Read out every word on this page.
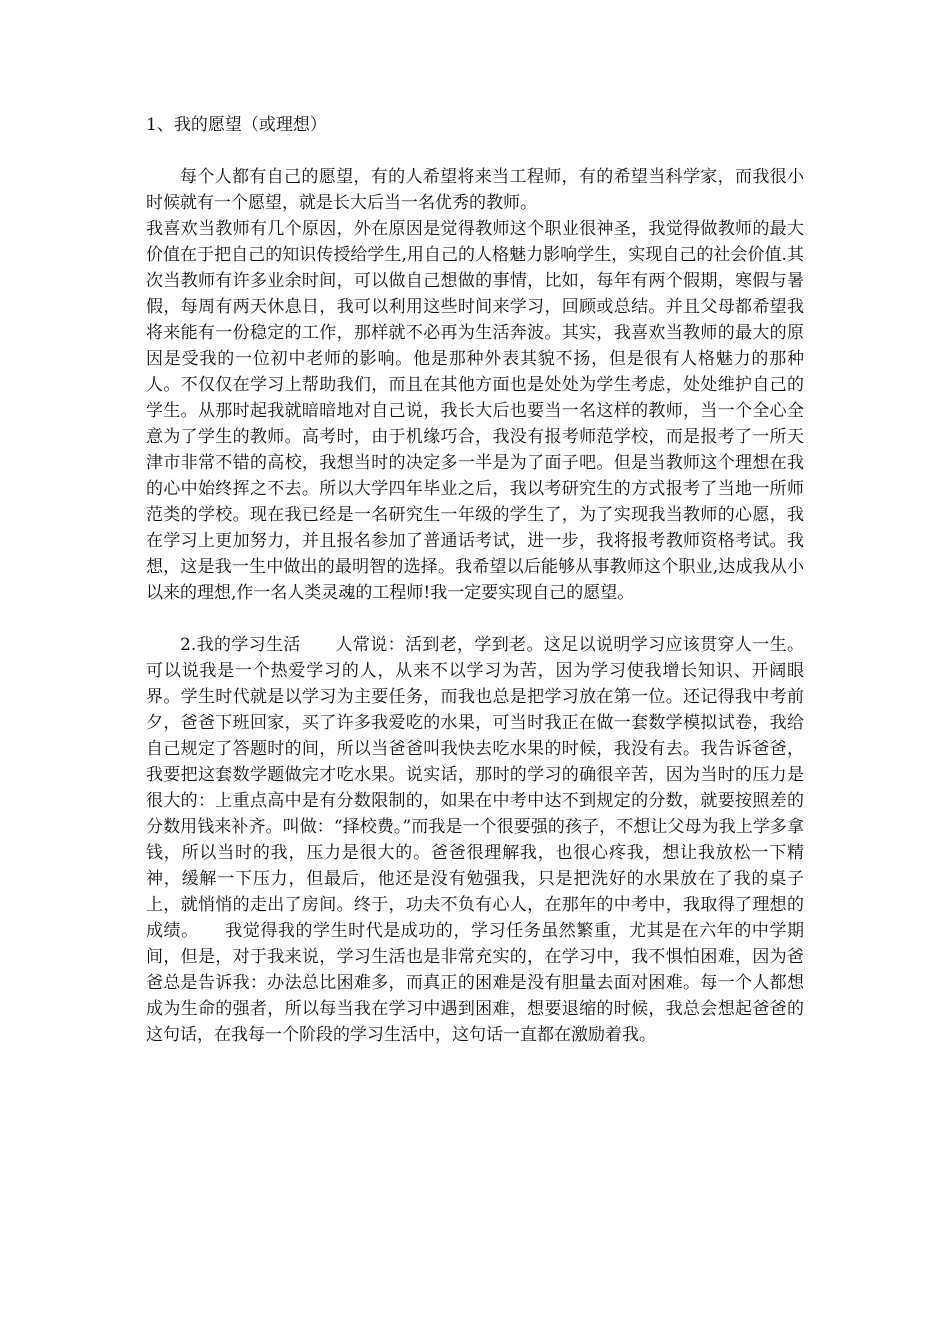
1、我的愿望（或理想）

每个人都有自己的愿望，有的人希望将来当工程师，有的希望当科学家，而我很小时候就有一个愿望，就是长大后当一名优秀的教师。

我喜欢当教师有几个原因，外在原因是觉得教师这个职业很神圣，我觉得做教师的最大价值在于把自己的知识传授给学生,用自己的人格魅力影响学生，实现自己的社会价值.其次当教师有许多业余时间，可以做自己想做的事情，比如，每年有两个假期，寒假与暑假，每周有两天休息日，我可以利用这些时间来学习，回顾或总结。并且父母都希望我将来能有一份稳定的工作，那样就不必再为生活奔波。其实，我喜欢当教师的最大的原因是受我的一位初中老师的影响。他是那种外表其貌不扬，但是很有人格魅力的那种人。不仅仅在学习上帮助我们，而且在其他方面也是处处为学生考虑，处处维护自己的学生。从那时起我就暗暗地对自己说，我长大后也要当一名这样的教师，当一个全心全意为了学生的教师。高考时，由于机缘巧合，我没有报考师范学校，而是报考了一所天津市非常不错的高校，我想当时的决定多一半是为了面子吧。但是当教师这个理想在我的心中始终挥之不去。所以大学四年毕业之后，我以考研究生的方式报考了当地一所师范类的学校。现在我已经是一名研究生一年级的学生了，为了实现我当教师的心愿，我在学习上更加努力，并且报名参加了普通话考试，进一步，我将报考教师资格考试。我想，这是我一生中做出的最明智的选择。我希望以后能够从事教师这个职业,达成我从小以来的理想,作一名人类灵魂的工程师!我一定要实现自己的愿望。

2.我的学习生活　　人常说：活到老，学到老。这足以说明学习应该贯穿人一生。可以说我是一个热爱学习的人，从来不以学习为苦，因为学习使我增长知识、开阔眼界。学生时代就是以学习为主要任务，而我也总是把学习放在第一位。还记得我中考前夕，爸爸下班回家，买了许多我爱吃的水果，可当时我正在做一套数学模拟试卷，我给自己规定了答题时的间，所以当爸爸叫我快去吃水果的时候，我没有去。我告诉爸爸，我要把这套数学题做完才吃水果。说实话，那时的学习的确很辛苦，因为当时的压力是很大的：上重点高中是有分数限制的，如果在中考中达不到规定的分数，就要按照差的分数用钱来补齐。叫做：“择校费。”而我是一个很要强的孩子，不想让父母为我上学多拿钱，所以当时的我，压力是很大的。爸爸很理解我，也很心疼我，想让我放松一下精神，缓解一下压力，但最后，他还是没有勉强我，只是把洗好的水果放在了我的桌子上，就悄悄的走出了房间。终于，功夫不负有心人，在那年的中考中，我取得了理想的成绩。　　我觉得我的学生时代是成功的，学习任务虽然繁重，尤其是在六年的中学期间，但是，对于我来说，学习生活也是非常充实的，在学习中，我不惧怕困难，因为爸爸总是告诉我：办法总比困难多，而真正的困难是没有胆量去面对困难。每一个人都想成为生命的强者，所以每当我在学习中遇到困难，想要退缩的时候，我总会想起爸爸的这句话，在我每一个阶段的学习生活中，这句话一直都在激励着我。
